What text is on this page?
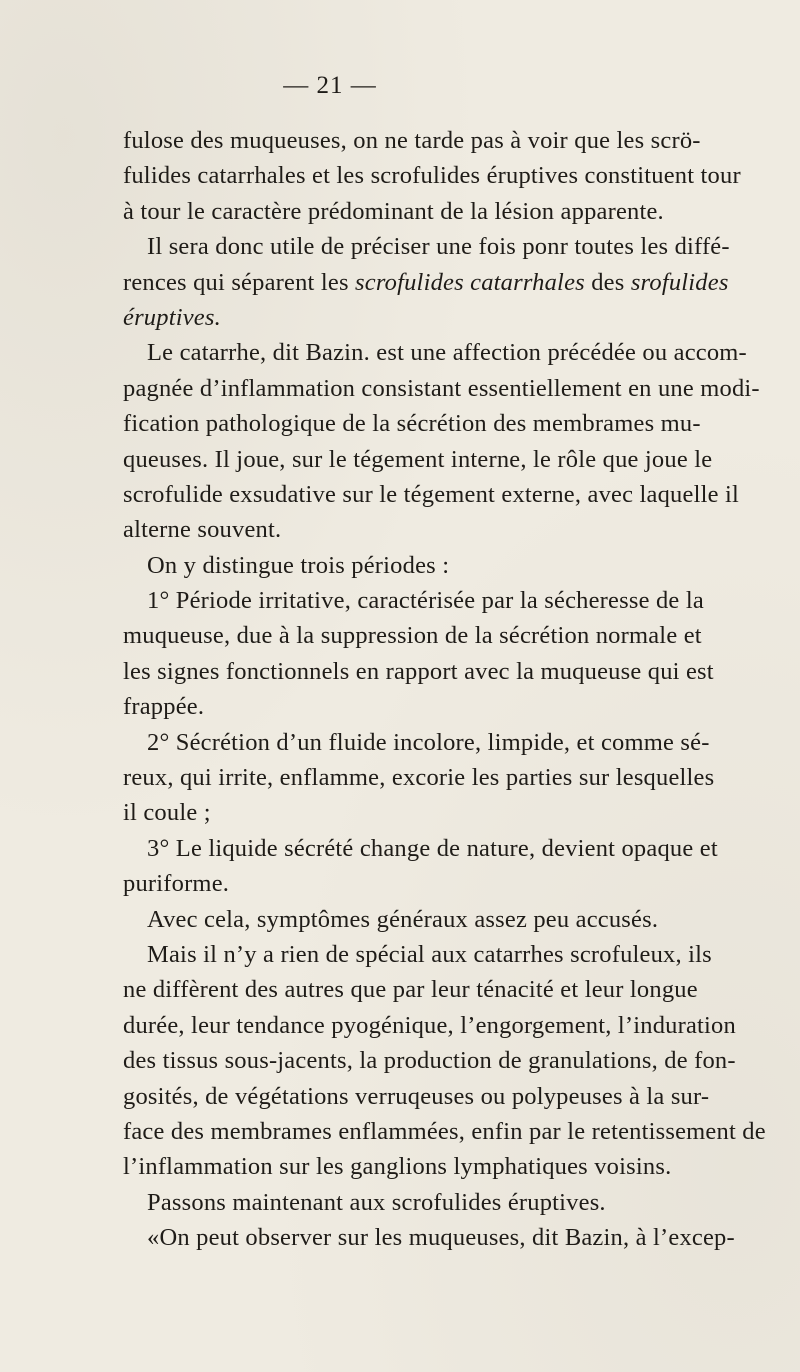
— 21 —
fulose des muqueuses, on ne tarde pas à voir que les scrö-
fulides catarrhales et les scrofulides éruptives constituent tour
à tour le caractère prédominant de la lésion apparente.
Il sera donc utile de préciser une fois ponr toutes les diffé-
rences qui séparent les scrofulides catarrhales des srofulides
éruptives.
Le catarrhe, dit Bazin. est une affection précédée ou accom-
pagnée d’inflammation consistant essentiellement en une modi-
fication pathologique de la sécrétion des membrames mu-
queuses. Il joue, sur le tégement interne, le rôle que joue le
scrofulide exsudative sur le tégement externe, avec laquelle il
alterne souvent.
On y distingue trois périodes :
1° Période irritative, caractérisée par la sécheresse de la
muqueuse, due à la suppression de la sécrétion normale et
les signes fonctionnels en rapport avec la muqueuse qui est
frappée.
2° Sécrétion d’un fluide incolore, limpide, et comme sé-
reux, qui irrite, enflamme, excorie les parties sur lesquelles
il coule ;
3° Le liquide sécrété change de nature, devient opaque et
puriforme.
Avec cela, symptômes généraux assez peu accusés.
Mais il n’y a rien de spécial aux catarrhes scrofuleux, ils
ne diffèrent des autres que par leur ténacité et leur longue
durée, leur tendance pyogénique, l’engorgement, l’induration
des tissus sous-jacents, la production de granulations, de fon-
gosités, de végétations verruqeuses ou polypeuses à la sur-
face des membrames enflammées, enfin par le retentissement de
l’inflammation sur les ganglions lymphatiques voisins.
Passons maintenant aux scrofulides éruptives.
«On peut observer sur les muqueuses, dit Bazin, à l’excep-
